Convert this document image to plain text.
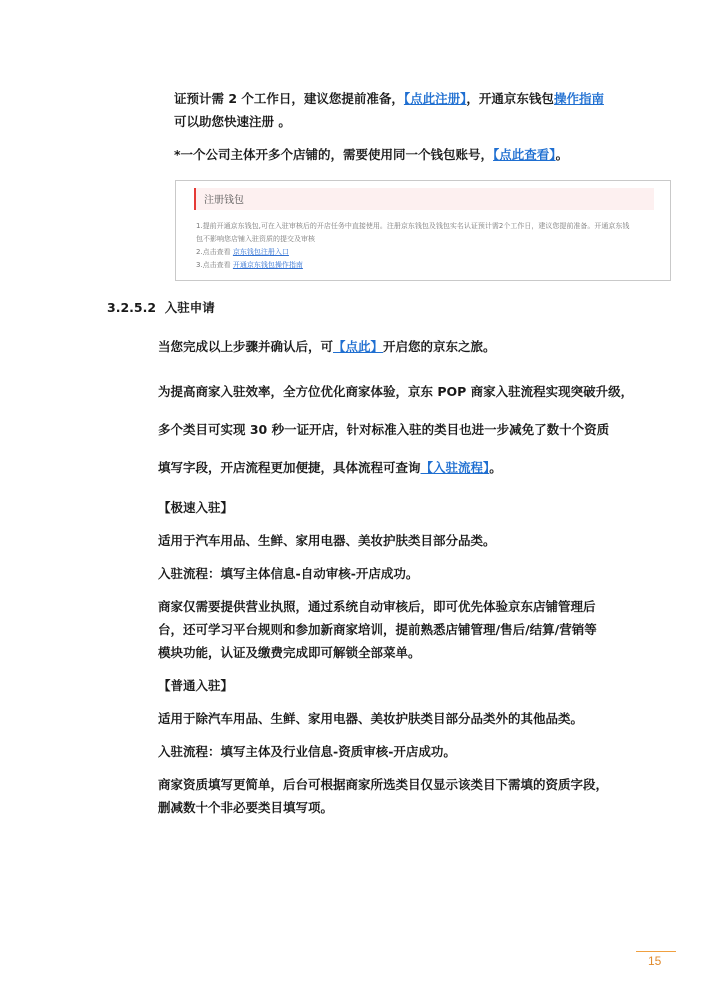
证预计需 2 个工作日，建议您提前准备，【点此注册】，开通京东钱包操作指南
可以助您快速注册 。
*一个公司主体开多个店铺的，需要使用同一个钱包账号，【点此查看】。
注册钱包
1.提前开通京东钱包,可在入驻审核后的开店任务中直接使用。注册京东钱包及钱包实名认证预计需2个工作日，建议您提前准备。开通京东钱
包不影响您店铺入驻资质的提交及审核
2.点击查看 京东钱包注册入口
3.点击查看 开通京东钱包操作指南
3.2.5.2 入驻申请
当您完成以上步骤并确认后，可【点此】开启您的京东之旅。
为提高商家入驻效率，全方位优化商家体验，京东 POP 商家入驻流程实现突破升级，
多个类目可实现 30 秒一证开店，针对标准入驻的类目也进一步减免了数十个资质
填写字段，开店流程更加便捷，具体流程可查询【入驻流程】。
【极速入驻】
适用于汽车用品、生鲜、家用电器、美妆护肤类目部分品类。
入驻流程：填写主体信息-自动审核-开店成功。
商家仅需要提供营业执照，通过系统自动审核后，即可优先体验京东店铺管理后
台，还可学习平台规则和参加新商家培训，提前熟悉店铺管理/售后/结算/营销等
模块功能，认证及缴费完成即可解锁全部菜单。
【普通入驻】
适用于除汽车用品、生鲜、家用电器、美妆护肤类目部分品类外的其他品类。
入驻流程：填写主体及行业信息-资质审核-开店成功。
商家资质填写更简单，后台可根据商家所选类目仅显示该类目下需填的资质字段，
删减数十个非必要类目填写项。
15
